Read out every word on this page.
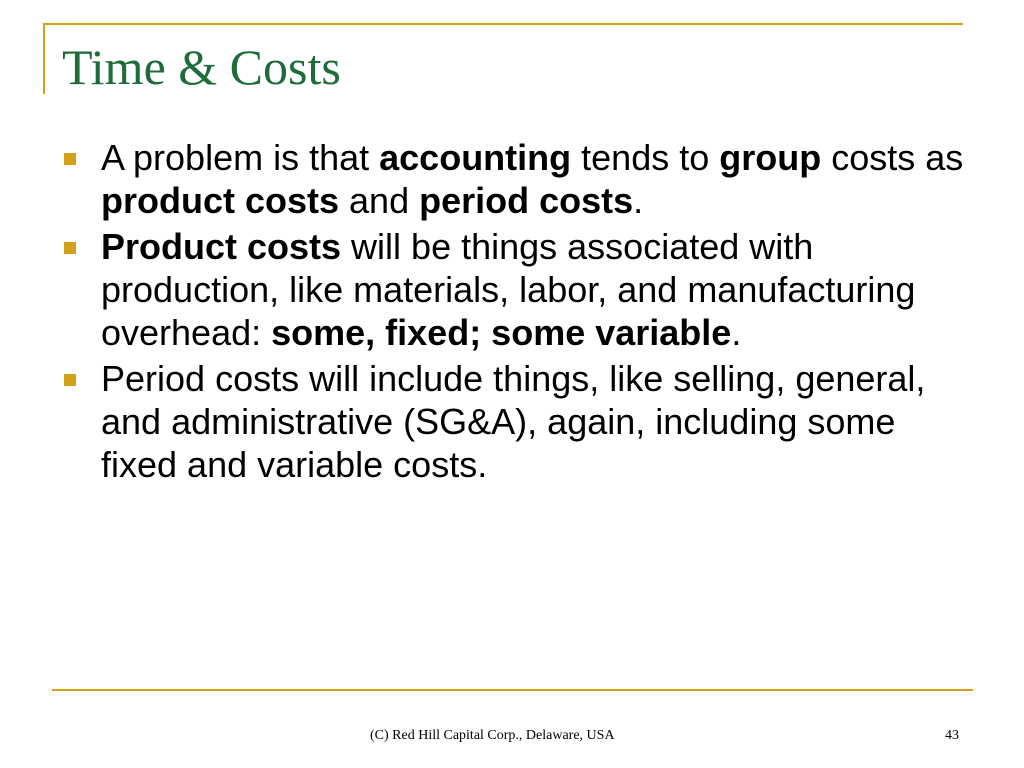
Time & Costs
A problem is that accounting tends to group costs as product costs and period costs.
Product costs will be things associated with production, like materials, labor, and manufacturing overhead: some, fixed; some variable.
Period costs will include things, like selling, general, and administrative (SG&A), again, including some fixed and variable costs.
(C) Red Hill Capital Corp., Delaware, USA	43
